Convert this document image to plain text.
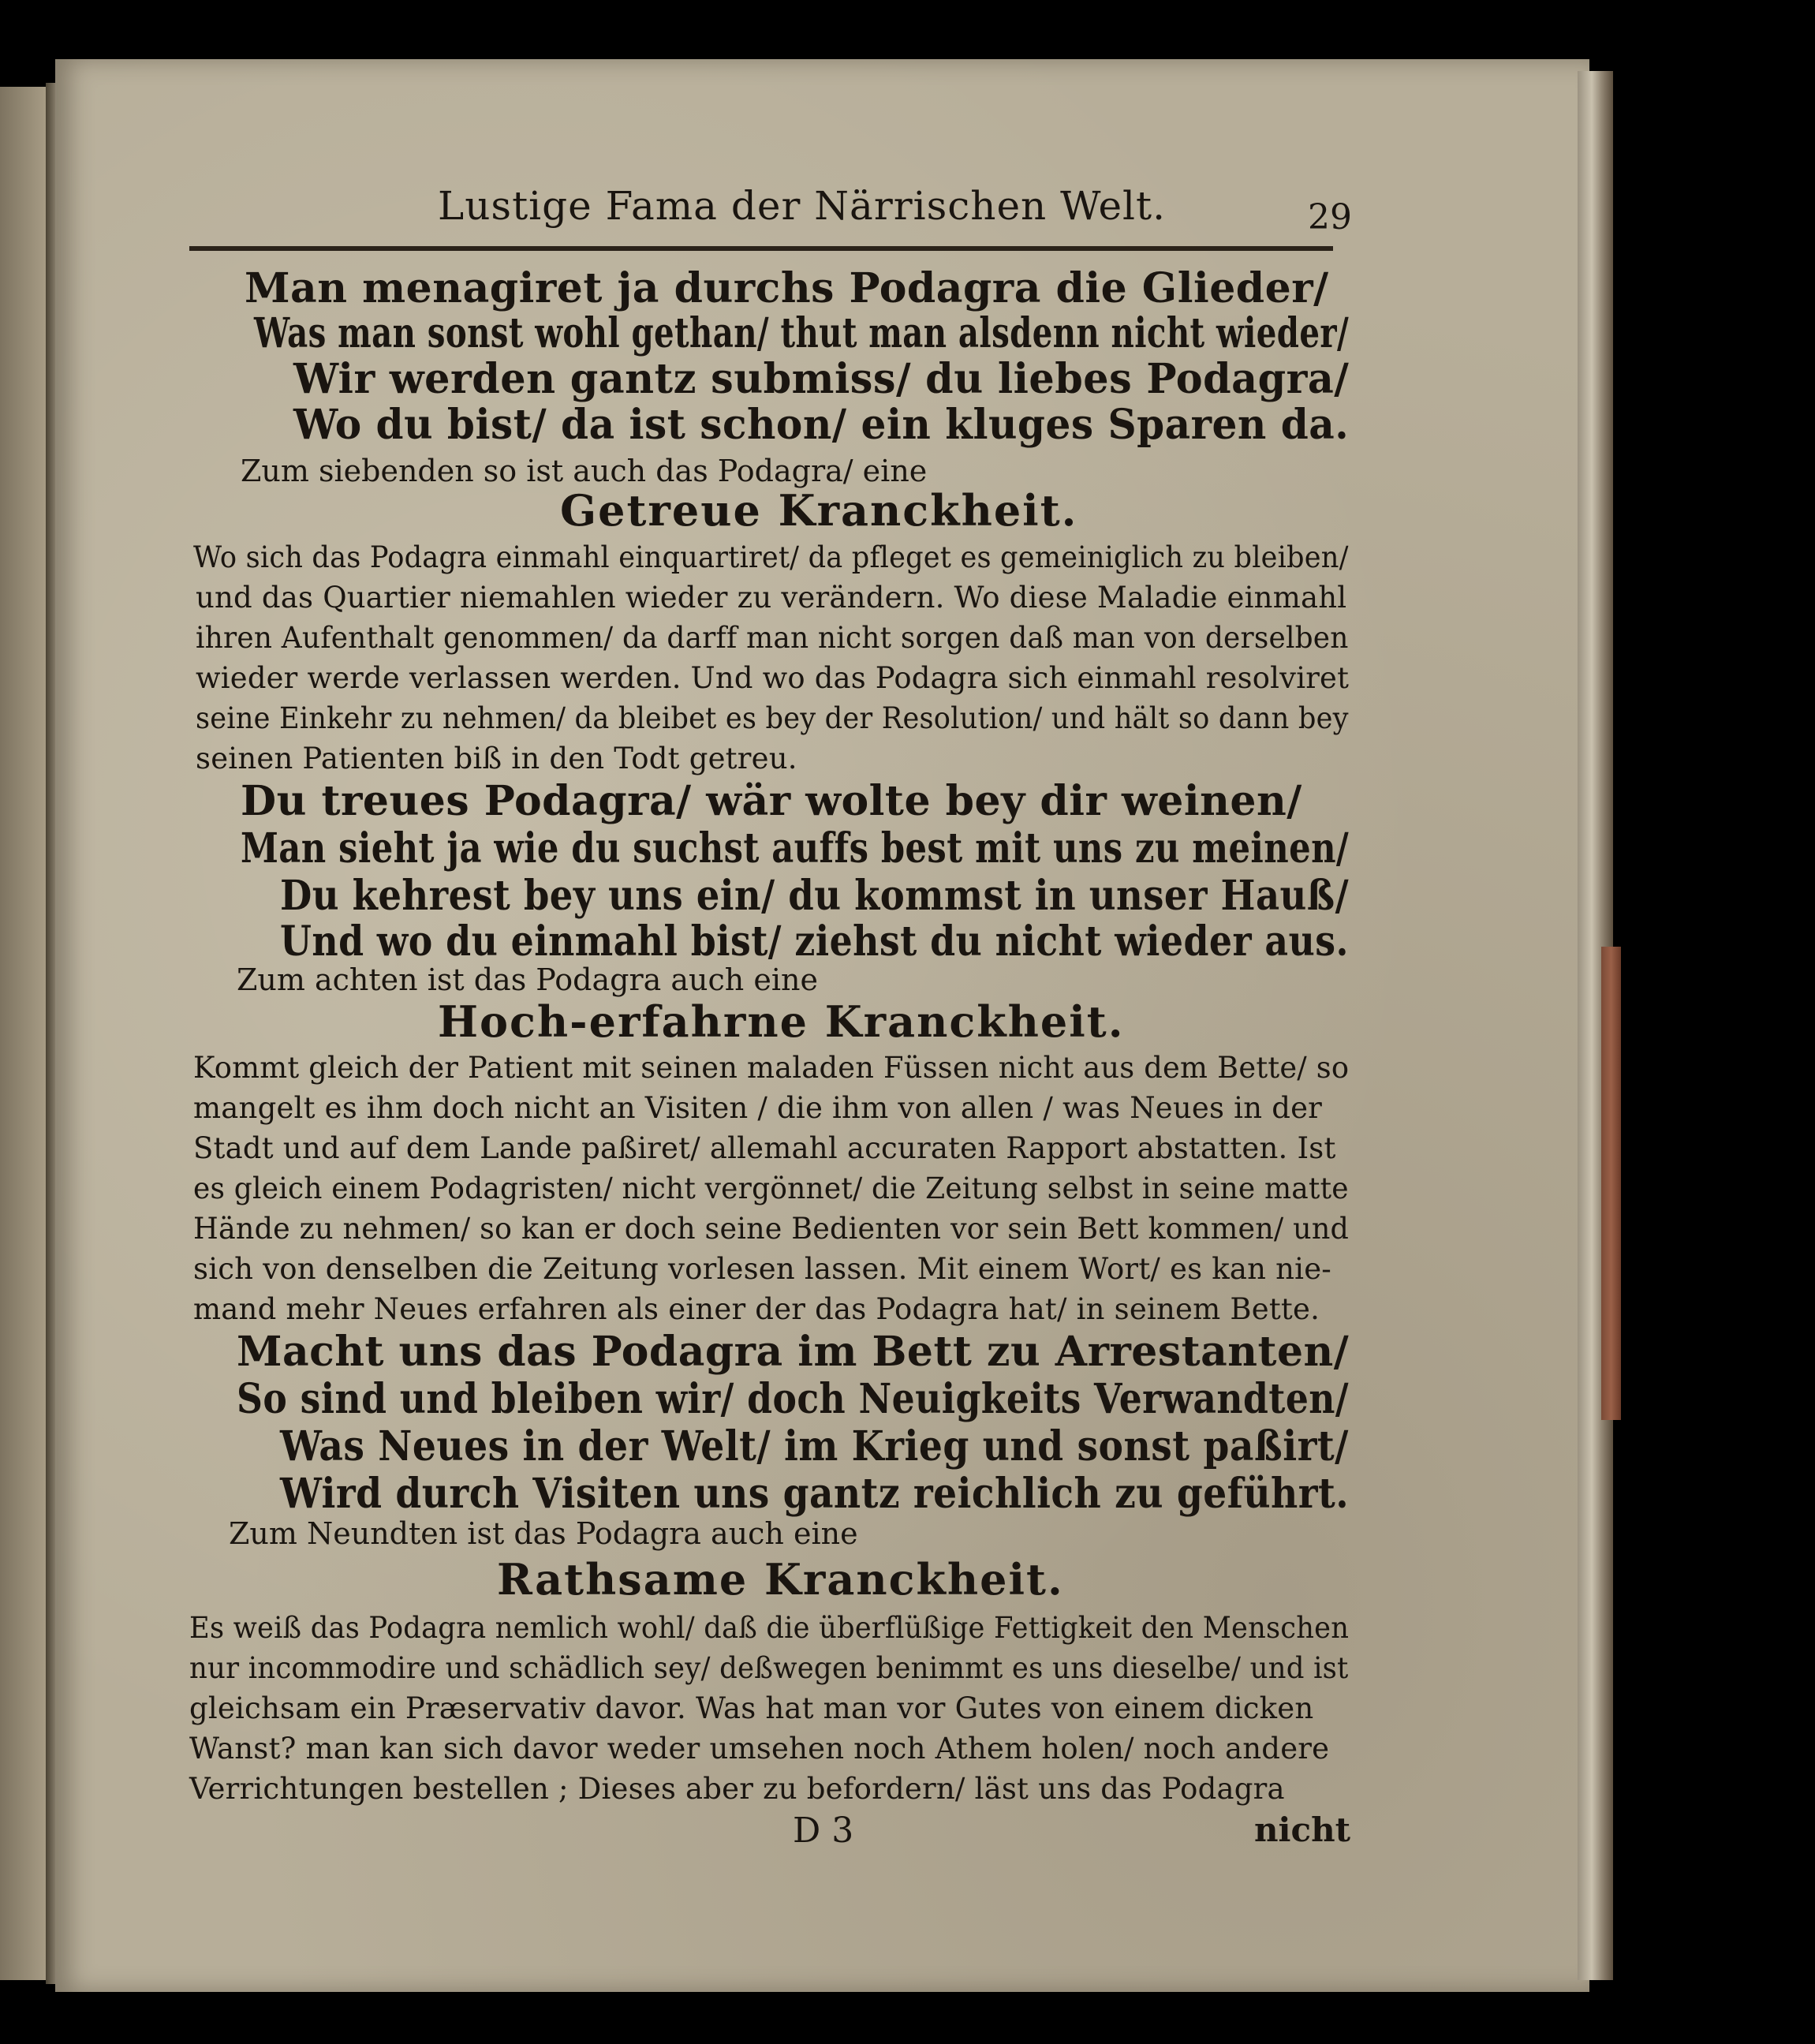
Lustige Fama der Närrischen Welt.	29
Man menagiret ja durchs Podagra die Glieder/
Was man sonst wohl gethan/ thut man alsdenn nicht wieder/
Wir werden gantz submiss/ du liebes Podagra/
Wo du bist/ da ist schon/ ein kluges Sparen da.
Zum siebenden so ist auch das Podagra/ eine
Getreue Kranckheit.
Wo sich das Podagra einmahl einquartiret/ da pfleget es gemeiniglich zu bleiben/
und das Quartier niemahlen wieder zu verändern. Wo diese Maladie einmahl
ihren Aufenthalt genommen/ da darff man nicht sorgen daß man von derselben
wieder werde verlassen werden. Und wo das Podagra sich einmahl resolviret
seine Einkehr zu nehmen/ da bleibet es bey der Resolution/ und hält so dann bey
seinen Patienten biß in den Todt getreu.
Du treues Podagra/ wär wolte bey dir weinen/
Man sieht ja wie du suchst auffs best mit uns zu meinen/
Du kehrest bey uns ein/ du kommst in unser Hauß/
Und wo du einmahl bist/ ziehst du nicht wieder aus.
Zum achten ist das Podagra auch eine
Hoch-erfahrne Kranckheit.
Kommt gleich der Patient mit seinen maladen Füssen nicht aus dem Bette/ so
mangelt es ihm doch nicht an Visiten / die ihm von allen / was Neues in der
Stadt und auf dem Lande paßiret/ allemahl accuraten Rapport abstatten. Ist
es gleich einem Podagristen/ nicht vergönnet/ die Zeitung selbst in seine matte
Hände zu nehmen/ so kan er doch seine Bedienten vor sein Bett kommen/ und
sich von denselben die Zeitung vorlesen lassen. Mit einem Wort/ es kan nie-
mand mehr Neues erfahren als einer der das Podagra hat/ in seinem Bette.
Macht uns das Podagra im Bett zu Arrestanten/
So sind und bleiben wir/ doch Neuigkeits Verwandten/
Was Neues in der Welt/ im Krieg und sonst paßirt/
Wird durch Visiten uns gantz reichlich zu geführt.
Zum Neundten ist das Podagra auch eine
Rathsame Kranckheit.
Es weiß das Podagra nemlich wohl/ daß die überflüßige Fettigkeit den Menschen
nur incommodire und schädlich sey/ deßwegen benimmt es uns dieselbe/ und ist
gleichsam ein Præservativ davor. Was hat man vor Gutes von einem dicken
Wanst? man kan sich davor weder umsehen noch Athem holen/ noch andere
Verrichtungen bestellen ; Dieses aber zu befordern/ läst uns das Podagra
D 3	nicht
